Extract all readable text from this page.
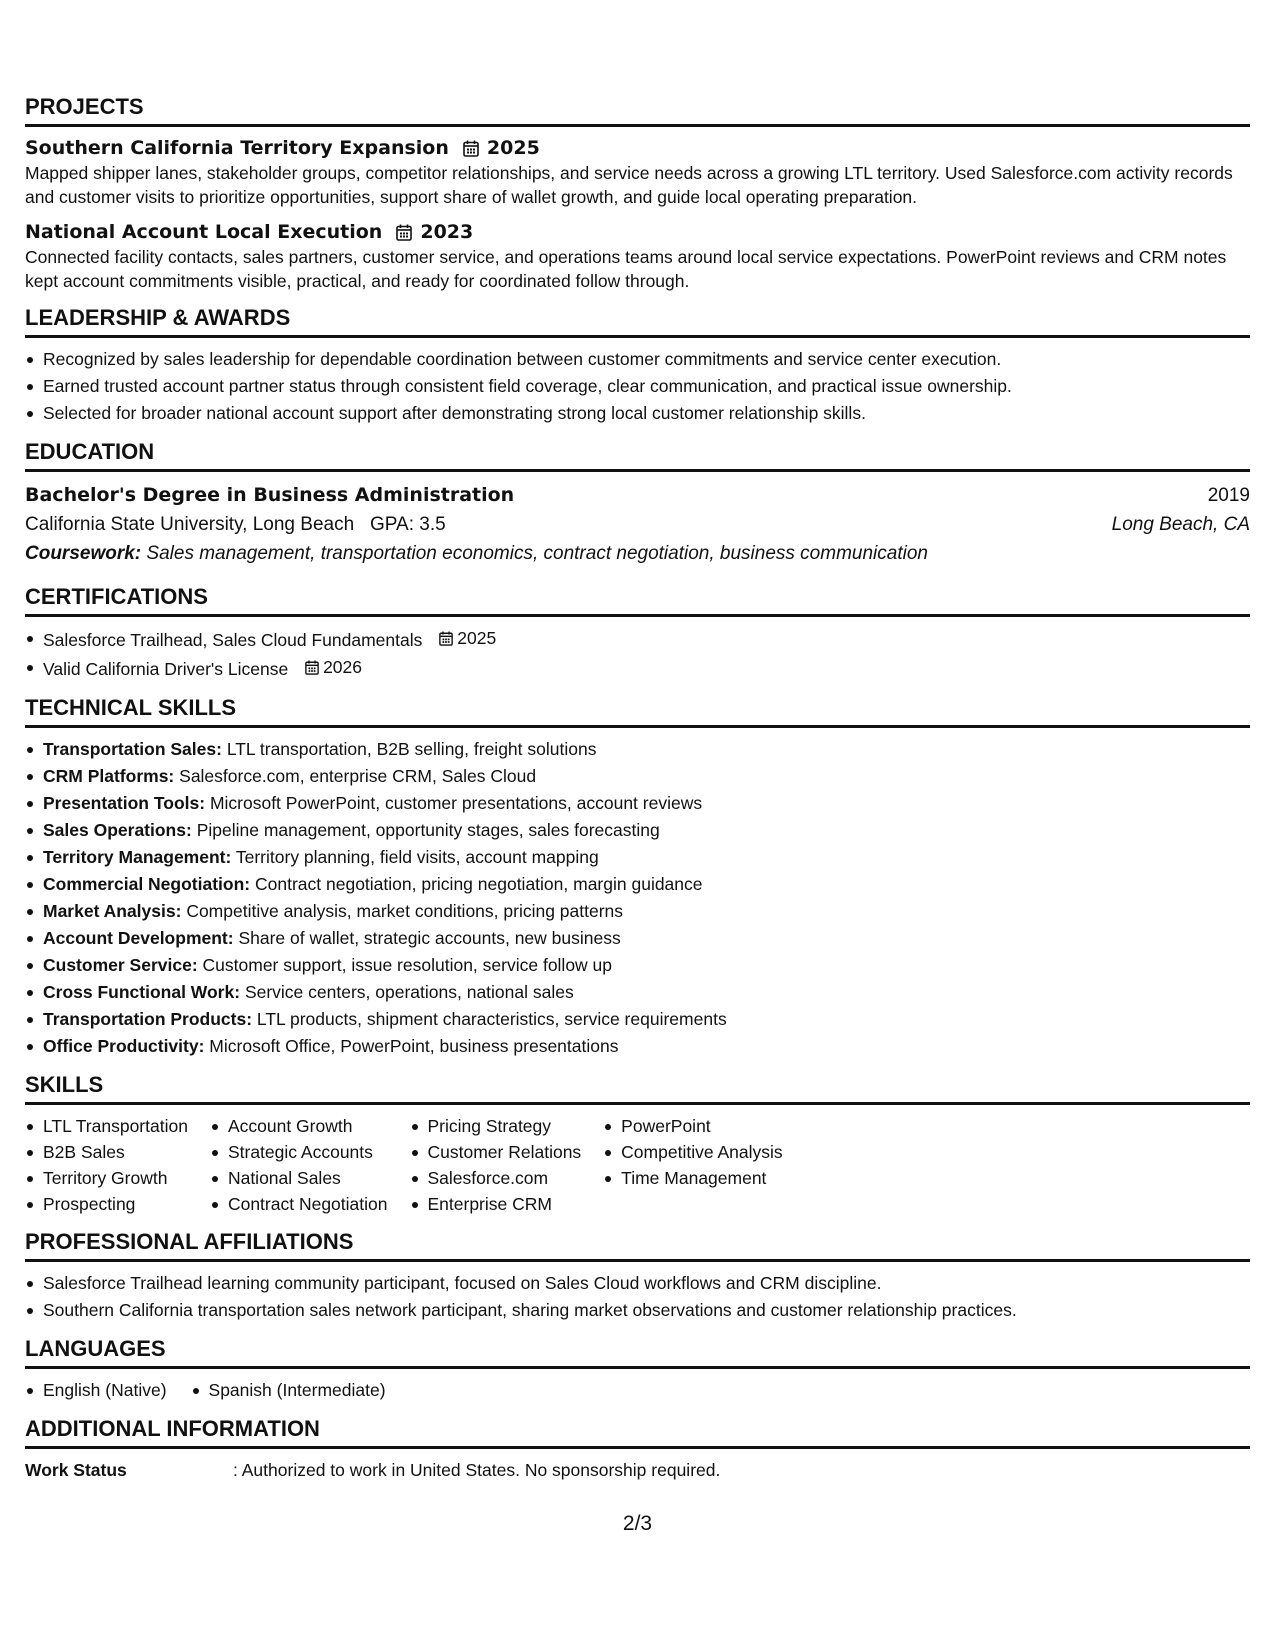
PROJECTS
Southern California Territory Expansion 2025
Mapped shipper lanes, stakeholder groups, competitor relationships, and service needs across a growing LTL territory. Used Salesforce.com activity records and customer visits to prioritize opportunities, support share of wallet growth, and guide local operating preparation.
National Account Local Execution 2023
Connected facility contacts, sales partners, customer service, and operations teams around local service expectations. PowerPoint reviews and CRM notes kept account commitments visible, practical, and ready for coordinated follow through.
LEADERSHIP & AWARDS
Recognized by sales leadership for dependable coordination between customer commitments and service center execution.
Earned trusted account partner status through consistent field coverage, clear communication, and practical issue ownership.
Selected for broader national account support after demonstrating strong local customer relationship skills.
EDUCATION
Bachelor's Degree in Business Administration	2019
California State University, Long Beach GPA: 3.5	Long Beach, CA
Coursework: Sales management, transportation economics, contract negotiation, business communication
CERTIFICATIONS
Salesforce Trailhead, Sales Cloud Fundamentals 2025
Valid California Driver's License 2026
TECHNICAL SKILLS
Transportation Sales: LTL transportation, B2B selling, freight solutions
CRM Platforms: Salesforce.com, enterprise CRM, Sales Cloud
Presentation Tools: Microsoft PowerPoint, customer presentations, account reviews
Sales Operations: Pipeline management, opportunity stages, sales forecasting
Territory Management: Territory planning, field visits, account mapping
Commercial Negotiation: Contract negotiation, pricing negotiation, margin guidance
Market Analysis: Competitive analysis, market conditions, pricing patterns
Account Development: Share of wallet, strategic accounts, new business
Customer Service: Customer support, issue resolution, service follow up
Cross Functional Work: Service centers, operations, national sales
Transportation Products: LTL products, shipment characteristics, service requirements
Office Productivity: Microsoft Office, PowerPoint, business presentations
SKILLS
LTL Transportation
B2B Sales
Territory Growth
Prospecting
Account Growth
Strategic Accounts
National Sales
Contract Negotiation
Pricing Strategy
Customer Relations
Salesforce.com
Enterprise CRM
PowerPoint
Competitive Analysis
Time Management
PROFESSIONAL AFFILIATIONS
Salesforce Trailhead learning community participant, focused on Sales Cloud workflows and CRM discipline.
Southern California transportation sales network participant, sharing market observations and customer relationship practices.
LANGUAGES
English (Native)	Spanish (Intermediate)
ADDITIONAL INFORMATION
Work Status	: Authorized to work in United States. No sponsorship required.
2/3
